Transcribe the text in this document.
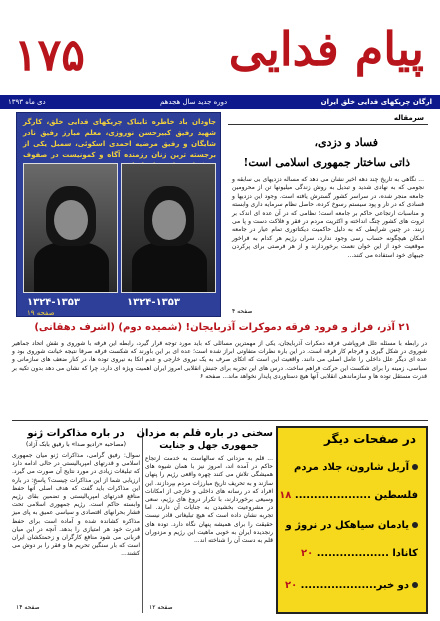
۱۷۵	پیام فدایی
ارگان چریکهای فدایی خلق ایران
دوره جدید سال هجدهم
دی ماه ۱۳۹۳
جاودان باد خاطره تابناک چریکهای فدایی خلق، کارگر شهید رفیق کبیرحسن نوروزی، معلم مبارز رفیق نادر شایگان و رفیق مرضیه احمدی اسکوئی، سمبل یکی از برجسته ترین زنان رزمنده آگاه و کمونیست در صفوف
۱۳۲۴-۱۳۵۳	۱۳۲۴-۱۳۵۳
صفحه ۱۹
سرمقاله
فساد و دزدی،
ذاتی ساختار جمهوری اسلامی است!
... نگاهی به تاریخ چند دهه اخیر نشان می دهد که مساله دزدیهای بی سابقه و نجومی که به نهادی شدید و تبدیل به روش زندگی میلیونها تن از محرومین جامعه منجر شده، در سراسر کشور گسترش یافته است. وجود این دزدیها و فسادی که در تار و پود سیستم رسوخ کرده، حاصل نظام سرمایه داری وابسته و مناسبات ارتجاعی حاکم بر جامعه است؛ نظامی که در آن عده ای اندک بر ثروت های کشور چنگ انداخته و اکثریت مردم در فقر و فلاکت دست و پا می زنند. در چنین شرایطی که به دلیل حاکمیت دیکتاتوری تمام عیار در جامعه امکان هیچگونه حساب رسی وجود ندارد، سران رژیم هر کدام به فراخور موقعیت خود از این خوان نعمت برخوردارند و از هر فرصتی برای پرکردن جیبهای خود استفاده می کنند...
صفحه ۴
۲۱ آذر، فراز و فرود فرقه دموکرات آذربایجان! (شمیده دوم) (اشرف دهقانی)
در رابطه با مسئله علل فروپاشی فرقه دمکرات آذربایجان، یکی از مهمترین مسائلی که باید مورد توجه قرار گیرد، رابطه این فرقه با شوروی و نقش اتحاد جماهیر شوروی در شکل گیری و فرجام کار فرقه است. در این باره نظرات متفاوتی ابراز شده است؛ عده ای بر این باورند که شکست فرقه صرفا نتیجه خیانت شوروی بود و عده ای دیگر علل داخلی را عامل اصلی می دانند. واقعیت این است که اتکای صرف به یک نیروی خارجی و عدم اتکا به نیروی توده ها، در کنار ضعف های سازمانی و سیاسی، زمینه را برای شکست این حرکت فراهم ساخت. درس های این تجربه برای جنبش انقلابی امروز ایران اهمیت ویژه ای دارد، چرا که نشان می دهد بدون تکیه بر قدرت مستقل توده ها و سازماندهی انقلابی آنها هیچ دستاوردی پایدار نخواهد ماند... صفحه ۶
در باره مذاکرات ژنو
(مصاحبه «رادیو صدا» با رفیق بابک آزاد)
سوال: رفیق گرامی، مذاکرات ژنو میان جمهوری اسلامی و قدرتهای امپریالیستی در حالی ادامه دارد که تبلیغات زیادی در مورد نتایج آن صورت می گیرد. ارزیابی شما از این مذاکرات چیست؟ پاسخ: در باره این مذاکرات باید گفت که هدف اصلی آنها حفظ منافع قدرتهای امپریالیستی و تضمین بقای رژیم وابسته حاکم است. رژیم جمهوری اسلامی تحت فشار بحرانهای اقتصادی و سیاسی عمیق به پای میز مذاکره کشانده شده و آماده است برای حفظ قدرت خود هر امتیازی را بدهد. آنچه در این میان قربانی می شود منافع کارگران و زحمتکشان ایران است که بار سنگین تحریم ها و فقر را بر دوش می کشند...
صفحه ۱۴
سخنی در باره قلم به مزدان
جمهوری جهل و جنایت
... قلم به مزدانی که سالهاست به خدمت ارتجاع حاکم در آمده اند، امروز نیز با همان شیوه های همیشگی تلاش می کنند چهره واقعی رژیم را پنهان سازند و به تحریف تاریخ مبارزات مردم بپردازند. این افراد که در رسانه های داخلی و خارجی از امکانات وسیعی برخوردارند، با تکرار دروغ های رژیم، سعی در مشروعیت بخشیدن به جنایات آن دارند. اما تجربه نشان داده است که هیچ تبلیغاتی قادر نیست حقیقت را برای همیشه پنهان نگاه دارد. توده های رنجدیده ایران به خوبی ماهیت این رژیم و مزدوران قلم به دست آن را شناخته اند...
صفحه ۱۲
در صفحات دیگر
آریل شارون، جلاد مردم
فلسطین .................... ۱۸
یادمان سیاهکل در نروژ و
کانادا ................... ۲۰
دو خبر.................... ۲۰
